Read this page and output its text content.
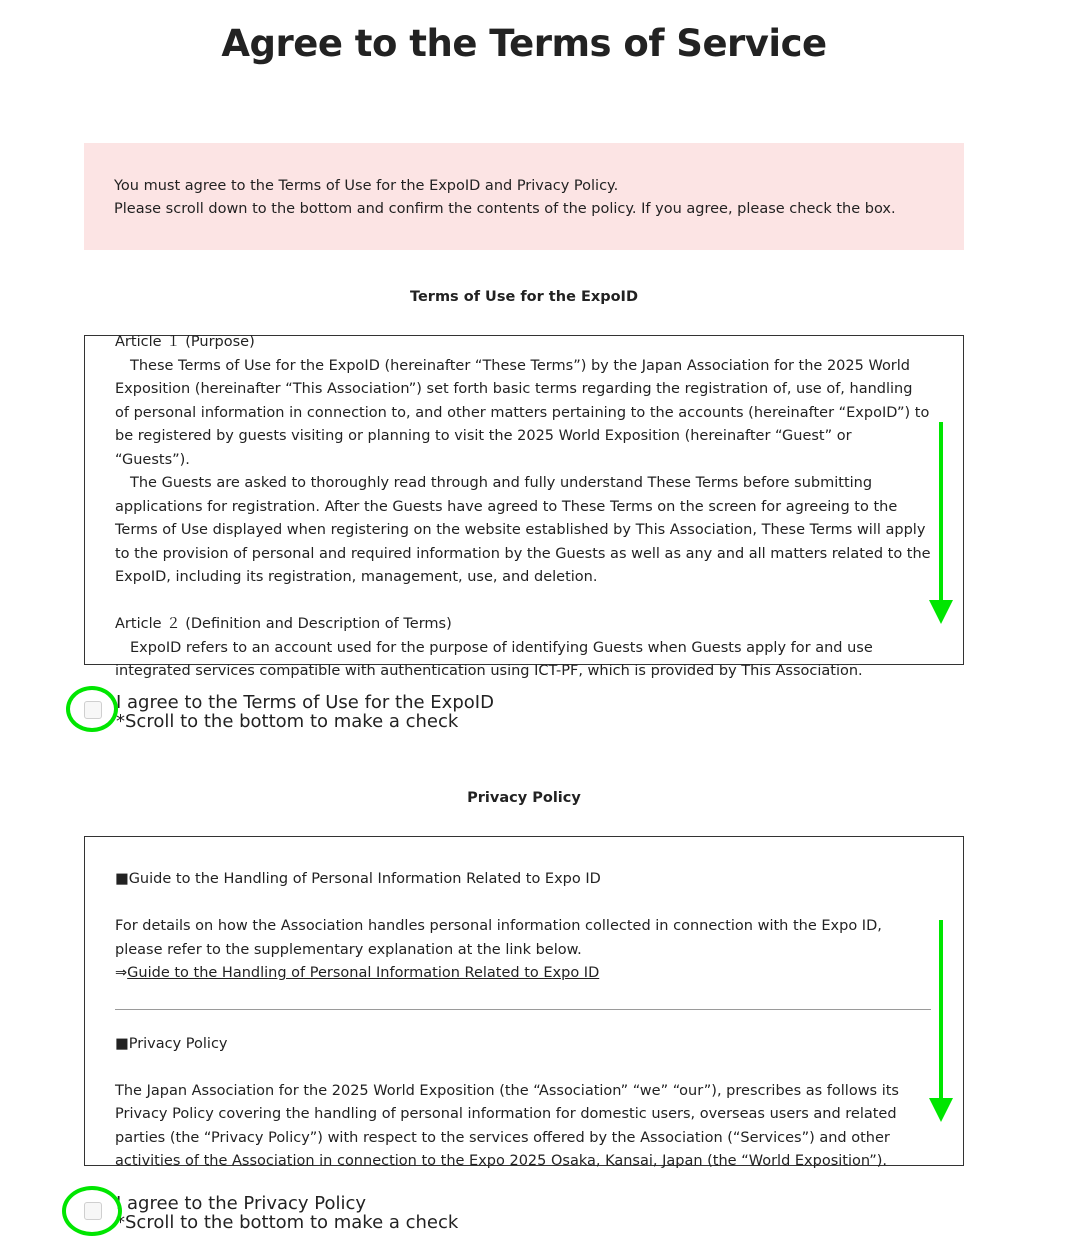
Agree to the Terms of Service

You must agree to the Terms of Use for the ExpoID and Privacy Policy.

Please scroll down to the bottom and confirm the contents of the policy. If you agree, please check the box.

Terms of Use for the ExpoID

Article １ (Purpose)

These Terms of Use for the ExpoID (hereinafter “These Terms”) by the Japan Association for the 2025 World Exposition (hereinafter “This Association”) set forth basic terms regarding the registration of, use of, handling of personal information in connection to, and other matters pertaining to the accounts (hereinafter “ExpoID”) to be registered by guests visiting or planning to visit the 2025 World Exposition (hereinafter “Guest” or “Guests”).

The Guests are asked to thoroughly read through and fully understand These Terms before submitting applications for registration. After the Guests have agreed to These Terms on the screen for agreeing to the Terms of Use displayed when registering on the website established by This Association, These Terms will apply to the provision of personal and required information by the Guests as well as any and all matters related to the ExpoID, including its registration, management, use, and deletion.

Article ２ (Definition and Description of Terms)

ExpoID refers to an account used for the purpose of identifying Guests when Guests apply for and use integrated services compatible with authentication using ICT-PF, which is provided by This Association.

I agree to the Terms of Use for the ExpoID
*Scroll to the bottom to make a check
Privacy Policy

■Guide to the Handling of Personal Information Related to Expo ID

For details on how the Association handles personal information collected in connection with the Expo ID, please refer to the supplementary explanation at the link below.

⇒Guide to the Handling of Personal Information Related to Expo ID

■Privacy Policy

The Japan Association for the 2025 World Exposition (the “Association” “we” “our”), prescribes as follows its Privacy Policy covering the handling of personal information for domestic users, overseas users and related parties (the “Privacy Policy”) with respect to the services offered by the Association (“Services”) and other activities of the Association in connection to the Expo 2025 Osaka, Kansai, Japan (the “World Exposition”).

I agree to the Privacy Policy
*Scroll to the bottom to make a check
